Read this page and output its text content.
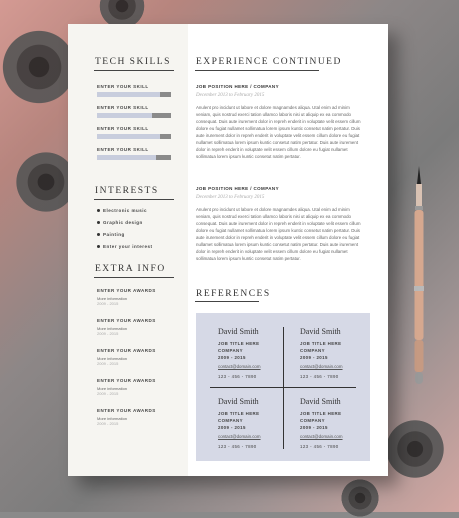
TECH SKILLS
ENTER YOUR SKILL
ENTER YOUR SKILL
ENTER YOUR SKILL
ENTER YOUR SKILL
INTERESTS
Electronic music
Graphic design
Painting
Enter your interest
EXTRA INFO
ENTER YOUR AWARDS
More information
2009 - 2015
ENTER YOUR AWARDS
More information
2009 - 2015
ENTER YOUR AWARDS
More information
2009 - 2015
ENTER YOUR AWARDS
More information
2009 - 2015
ENTER YOUR AWARDS
More information
2009 - 2015
EXPERIENCE CONTINUED
JOB POSITION HERE / COMPANY
December 2013 to February 2015
Anulent pro incidunt ut labore et dolore magnamdes aliqua. Utal enim ad minim veniam, quis nostrud exerci tation ullamco laboris nisi ut aliquip ex ea commodo consequat. Duis aute irurement dolor in repreh enderit in voluptate velit essem cillum dolore eu fugiat nullamet sollimatua lorem ipsum kuntic consetut natim pertatur. Duis aute irurement dolor in repreh enderit in voluptate velit essem cillum dolore eu fugiat nullamet sollimatua lorem ipsum kuntic consetut natim pertatur. Duis aute irurement dolor in repreh enderit in voluptate velit essem cillum dolore eu fugiat nullamet sollimatua lorem ipsum kuntic consetut natim pertatur.
JOB POSITION HERE / COMPANY
December 2013 to February 2015
Anulent pro incidunt ut labore et dolore magnamdes aliqua. Utal enim ad minim veniam, quis nostrud exerci tation ullamco laboris nisi ut aliquip ex ea commodo consequat. Duis aute irurement dolor in repreh enderit in voluptate velit essem cillum dolore eu fugiat nullamet sollimatua lorem ipsum kuntic consetut natim pertatur. Duis aute irurement dolor in repreh enderit in voluptate velit essem cillum dolore eu fugiat nullamet sollimatua lorem ipsum kuntic consetut natim pertatur. Duis aute irurement dolor in repreh enderit in voluptate velit essem cillum dolore eu fugiat nullamet sollimatua lorem ipsum kuntic consetut natim pertatur.
REFERENCES
David Smith
JOB TITLE HERE
COMPANY
2009 - 2015
contact@domain.com
123 - 456 - 7890
David Smith
JOB TITLE HERE
COMPANY
2009 - 2015
contact@domain.com
123 - 456 - 7890
David Smith
JOB TITLE HERE
COMPANY
2009 - 2015
contact@domain.com
123 - 456 - 7890
David Smith
JOB TITLE HERE
COMPANY
2009 - 2015
contact@domain.com
123 - 456 - 7890
